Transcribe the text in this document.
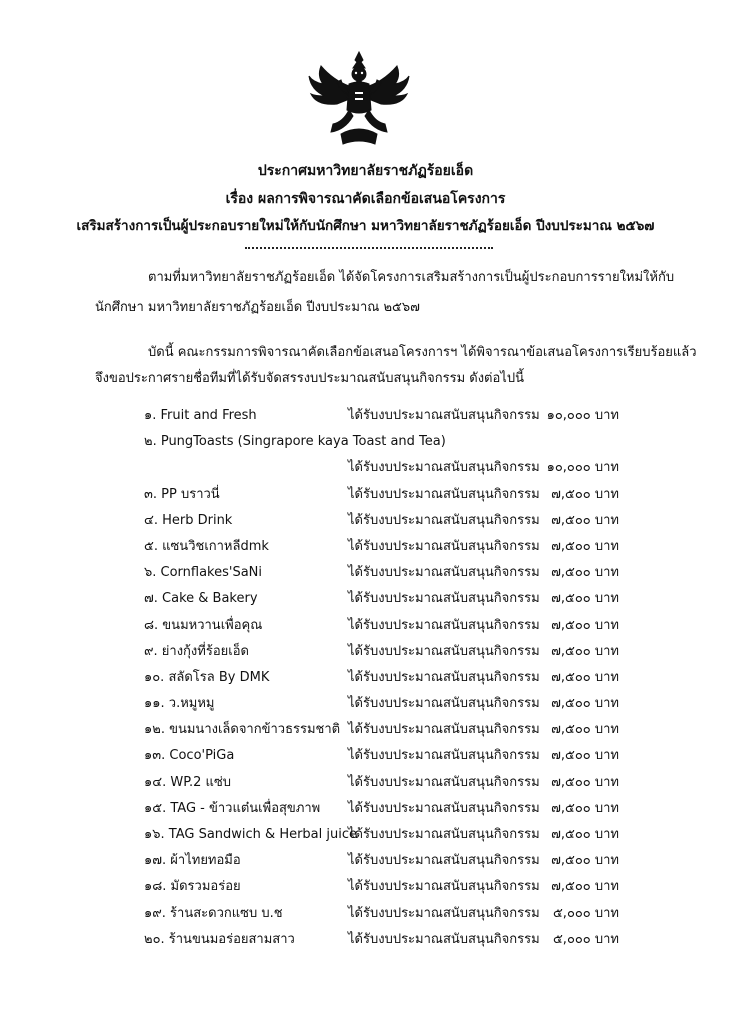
ประกาศมหาวิทยาลัยราชภัฏร้อยเอ็ด
เรื่อง ผลการพิจารณาคัดเลือกข้อเสนอโครงการ
เสริมสร้างการเป็นผู้ประกอบรายใหม่ให้กับนักศึกษา มหาวิทยาลัยราชภัฏร้อยเอ็ด ปีงบประมาณ ๒๕๖๗
ตามที่มหาวิทยาลัยราชภัฏร้อยเอ็ด ได้จัดโครงการเสริมสร้างการเป็นผู้ประกอบการรายใหม่ให้กับ
นักศึกษา มหาวิทยาลัยราชภัฏร้อยเอ็ด ปีงบประมาณ ๒๕๖๗
บัดนี้ คณะกรรมการพิจารณาคัดเลือกข้อเสนอโครงการฯ ได้พิจารณาข้อเสนอโครงการเรียบร้อยแล้ว
จึงขอประกาศรายชื่อทีมที่ได้รับจัดสรรงบประมาณสนับสนุนกิจกรรม ดังต่อไปนี้
๑. Fruit and Fresh	ได้รับงบประมาณสนับสนุนกิจกรรม ๑๐,๐๐๐ บาท
๒. PungToasts (Singrapore kaya Toast and Tea)
ได้รับงบประมาณสนับสนุนกิจกรรม ๑๐,๐๐๐ บาท
๓. PP บราวนี่	ได้รับงบประมาณสนับสนุนกิจกรรม ๗,๕๐๐ บาท
๔. Herb Drink	ได้รับงบประมาณสนับสนุนกิจกรรม ๗,๕๐๐ บาท
๕. แซนวิชเกาหลีdmk	ได้รับงบประมาณสนับสนุนกิจกรรม ๗,๕๐๐ บาท
๖. Cornflakes'SaNi	ได้รับงบประมาณสนับสนุนกิจกรรม ๗,๕๐๐ บาท
๗. Cake & Bakery	ได้รับงบประมาณสนับสนุนกิจกรรม ๗,๕๐๐ บาท
๘. ขนมหวานเพื่อคุณ	ได้รับงบประมาณสนับสนุนกิจกรรม ๗,๕๐๐ บาท
๙. ย่างกุ้งที่ร้อยเอ็ด	ได้รับงบประมาณสนับสนุนกิจกรรม ๗,๕๐๐ บาท
๑๐. สลัดโรล By DMK	ได้รับงบประมาณสนับสนุนกิจกรรม ๗,๕๐๐ บาท
๑๑. ว.หมูหมู	ได้รับงบประมาณสนับสนุนกิจกรรม ๗,๕๐๐ บาท
๑๒. ขนมนางเล็ดจากข้าวธรรมชาติ ได้รับงบประมาณสนับสนุนกิจกรรม ๗,๕๐๐ บาท
๑๓. Coco'PiGa	ได้รับงบประมาณสนับสนุนกิจกรรม ๗,๕๐๐ บาท
๑๔. WP.2 แซ่บ	ได้รับงบประมาณสนับสนุนกิจกรรม ๗,๕๐๐ บาท
๑๕. TAG - ข้าวแต๋นเพื่อสุขภาพ ได้รับงบประมาณสนับสนุนกิจกรรม ๗,๕๐๐ บาท
๑๖. TAG Sandwich & Herbal juice
ได้รับงบประมาณสนับสนุนกิจกรรม ๗,๕๐๐ บาท
๑๗. ผ้าไทยทอมือ	ได้รับงบประมาณสนับสนุนกิจกรรม ๗,๕๐๐ บาท
๑๘. มัดรวมอร่อย	ได้รับงบประมาณสนับสนุนกิจกรรม ๗,๕๐๐ บาท
๑๙. ร้านสะดวกแซบ บ.ช	ได้รับงบประมาณสนับสนุนกิจกรรม ๕,๐๐๐ บาท
๒๐. ร้านขนมอร่อยสามสาว	ได้รับงบประมาณสนับสนุนกิจกรรม ๕,๐๐๐ บาท
